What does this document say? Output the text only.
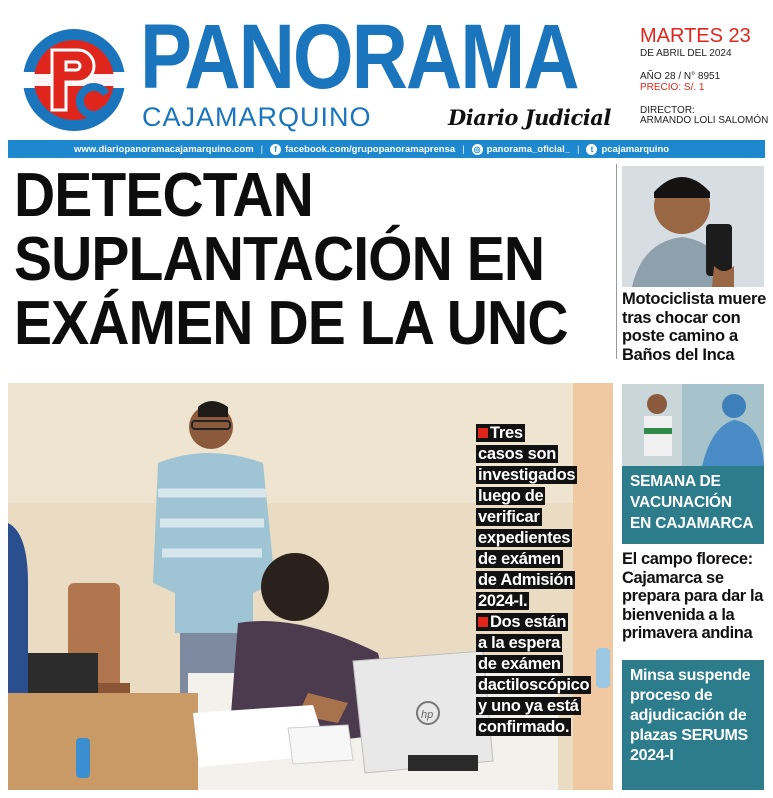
PANORAMA
CAJAMARQUINO	Diario Judicial
MARTES 23
DE ABRIL DEL 2024
AÑO 28 / N° 8951
PRECIO: S/. 1
DIRECTOR:
ARMANDO LOLI SALOMÓN
www.diariopanoramacajamarquino.com |	f facebook.com/grupopanoramaprensa | ◎ panorama_oficial_ |	t pcajamarquino
DETECTAN
SUPLANTACIÓN EN
EXÁMEN DE LA UNC
hp
Tres
casos son
investigados
luego de
verificar
expedientes
de exámen
de Admisión
2024-I.
Dos están
a la espera
de exámen
dactiloscópico
y uno ya está
confirmado.
Motociclista muere tras chocar con poste camino a Baños del Inca
SEMANA DE VACUNACIÓN EN CAJAMARCA
El campo florece: Cajamarca se prepara para dar la bienvenida a la primavera andina
Minsa suspende proceso de adjudicación de plazas SERUMS 2024-I
